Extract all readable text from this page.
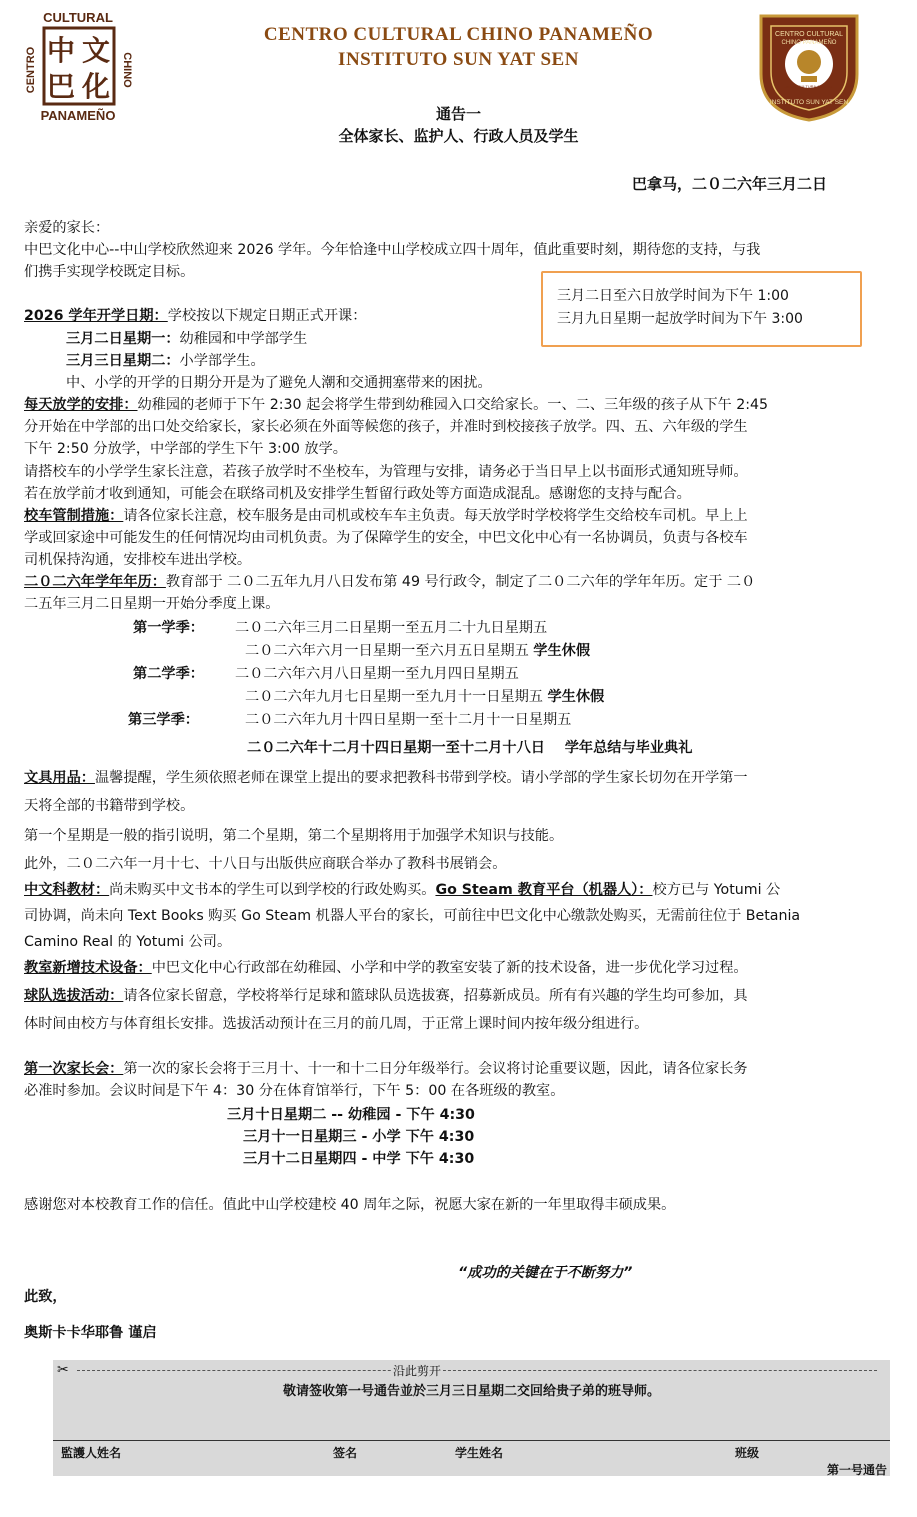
CULTURAL
CENTRO	CHINO
中 文
巴 化
PANAMEÑO
CENTRO CULTURAL CHINO PANAMEÑO
INSTITUTO SUN YAT SEN
CENTRO CULTURAL
CHINO PANAMEÑO
UNION CULTURA AMISTAD
INSTITUTO SUN YAT SEN
通告一
全体家长、监护人、行政人员及学生
巴拿马，二０二六年三月二日
三月二日至六日放学时间为下午 1:00
三月九日星期一起放学时间为下午 3:00
亲爱的家长：
中巴文化中心--中山学校欣然迎来 2026 学年。今年恰逢中山学校成立四十周年，值此重要时刻，期待您的支持，与我
们携手实现学校既定目标。
2026 学年开学日期：学校按以下规定日期正式开课：
三月二日星期一：幼稚园和中学部学生
三月三日星期二：小学部学生。
中、小学的开学的日期分开是为了避免人潮和交通拥塞带来的困扰。
每天放学的安排：幼稚园的老师于下午 2:30 起会将学生带到幼稚园入口交给家长。一、二、三年级的孩子从下午 2:45
分开始在中学部的出口处交给家长，家长必须在外面等候您的孩子，并准时到校接孩子放学。四、五、六年级的学生
下午 2:50 分放学，中学部的学生下午 3:00 放学。
请搭校车的小学学生家长注意，若孩子放学时不坐校车，为管理与安排，请务必于当日早上以书面形式通知班导师。
若在放学前才收到通知，可能会在联络司机及安排学生暂留行政处等方面造成混乱。感谢您的支持与配合。
校车管制措施：请各位家长注意，校车服务是由司机或校车车主负责。每天放学时学校将学生交给校车司机。早上上
学或回家途中可能发生的任何情况均由司机负责。为了保障学生的安全，中巴文化中心有一名协调员，负责与各校车
司机保持沟通，安排校车进出学校。
二０二六年学年年历：教育部于 二０二五年九月八日发布第 49 号行政令，制定了二０二六年的学年年历。定于 二０
二五年三月二日星期一开始分季度上课。
第一学季：	二０二六年三月二日星期一至五月二十九日星期五
二０二六年六月一日星期一至六月五日星期五 学生休假
第二学季：	二０二六年六月八日星期一至九月四日星期五
二０二六年九月七日星期一至九月十一日星期五 学生休假
第三学季：	二０二六年九月十四日星期一至十二月十一日星期五
二０二六年十二月十四日星期一至十二月十八日 学年总结与毕业典礼
文具用品：温馨提醒，学生须依照老师在课堂上提出的要求把教科书带到学校。请小学部的学生家长切勿在开学第一
天将全部的书籍带到学校。
第一个星期是一般的指引说明，第二个星期，第二个星期将用于加强学术知识与技能。
此外，二０二六年一月十七、十八日与出版供应商联合举办了教科书展销会。
中文科教材：尚未购买中文书本的学生可以到学校的行政处购买。Go Steam 教育平台（机器人）：校方已与 Yotumi 公
司协调，尚未向 Text Books 购买 Go Steam 机器人平台的家长，可前往中巴文化中心缴款处购买，无需前往位于 Betania
Camino Real 的 Yotumi 公司。
教室新增技术设备：中巴文化中心行政部在幼稚园、小学和中学的教室安装了新的技术设备，进一步优化学习过程。
球队选拔活动：请各位家长留意，学校将举行足球和篮球队员选拔赛，招募新成员。所有有兴趣的学生均可参加，具
体时间由校方与体育组长安排。选拔活动预计在三月的前几周，于正常上课时间内按年级分组进行。
第一次家长会：第一次的家长会将于三月十、十一和十二日分年级举行。会议将讨论重要议题，因此，请各位家长务
必准时参加。会议时间是下午 4：30 分在体育馆举行，下午 5：00 在各班级的教室。
三月十日星期二 -- 幼稚园 - 下午 4:30
三月十一日星期三 - 小学 下午 4:30
三月十二日星期四 - 中学 下午 4:30
感谢您对本校教育工作的信任。值此中山学校建校 40 周年之际，祝愿大家在新的一年里取得丰硕成果。
“成功的关键在于不断努力”
此致，
奥斯卡卡华耶鲁 谨启
✂	沿此剪开
敬请签收第一号通告並於三月三日星期二交回给贵子弟的班导师。
監護人姓名	签名	学生姓名	班级
第一号通告
